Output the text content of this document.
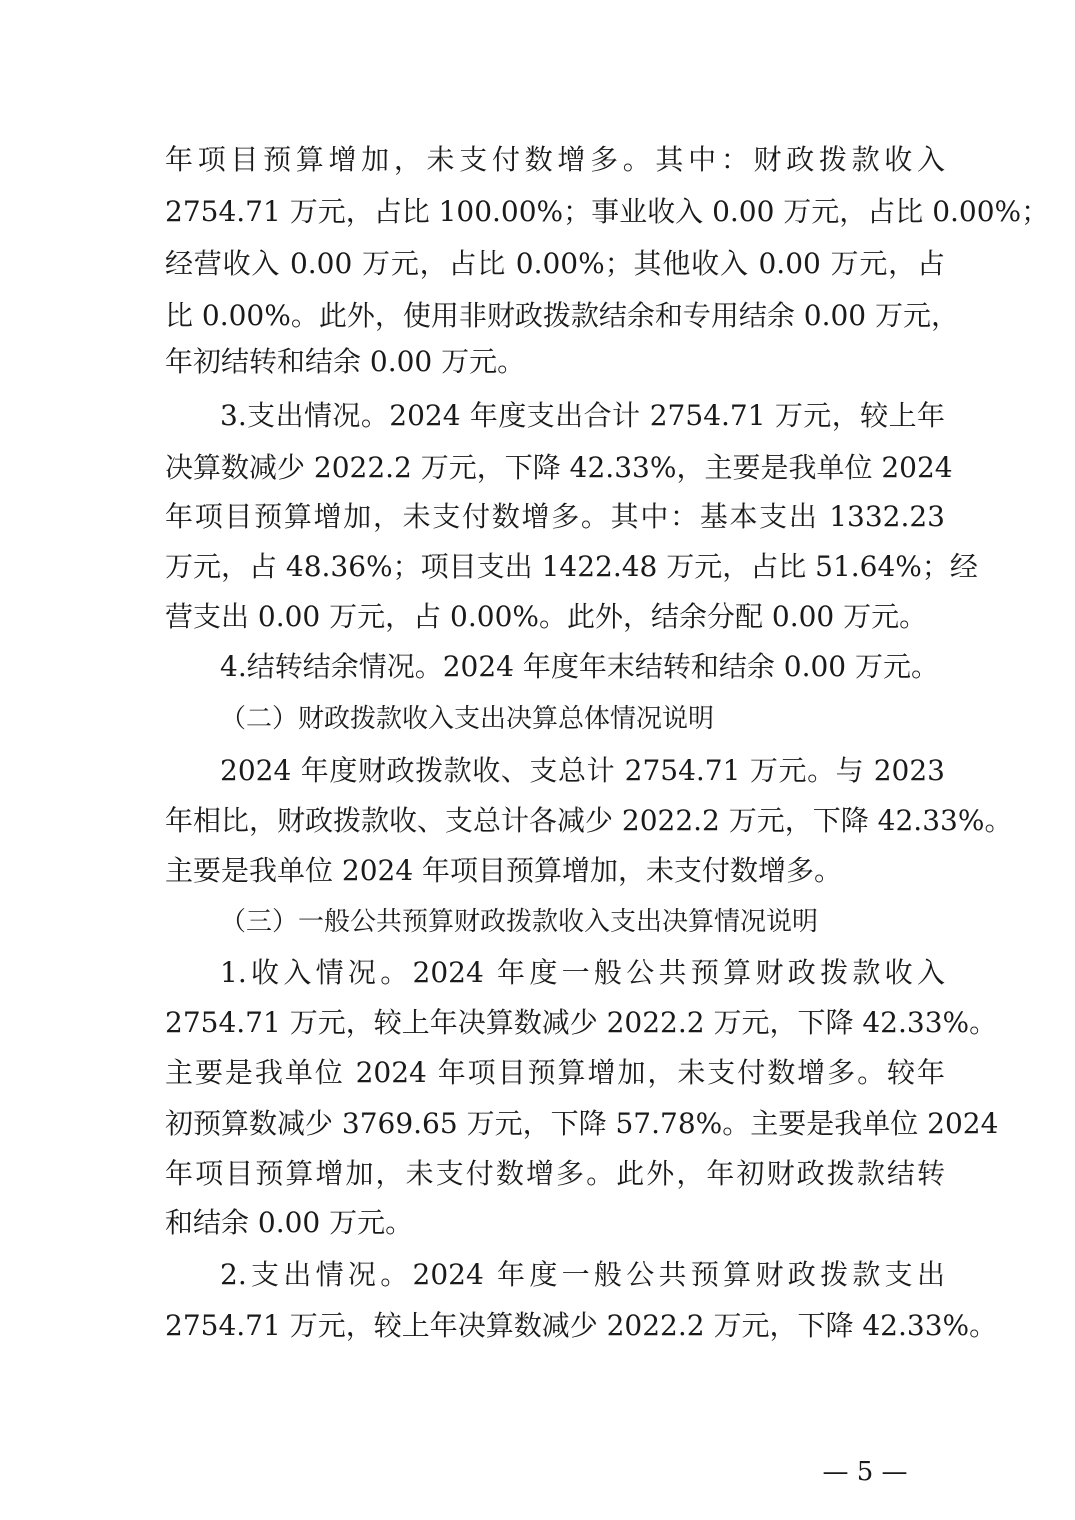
年项目预算增加，未支付数增多。其中：财政拨款收入
2754.71 万元，占比 100.00%；事业收入 0.00 万元，占比 0.00%；
经营收入 0.00 万元，占比 0.00%；其他收入 0.00 万元，占
比 0.00%。此外，使用非财政拨款结余和专用结余 0.00 万元，
年初结转和结余 0.00 万元。
3.支出情况。2024 年度支出合计 2754.71 万元，较上年
决算数减少 2022.2 万元，下降 42.33%，主要是我单位 2024
年项目预算增加，未支付数增多。其中：基本支出 1332.23
万元，占 48.36%；项目支出 1422.48 万元，占比 51.64%；经
营支出 0.00 万元，占 0.00%。此外，结余分配 0.00 万元。
4.结转结余情况。2024 年度年末结转和结余 0.00 万元。
（二）财政拨款收入支出决算总体情况说明
2024 年度财政拨款收、支总计 2754.71 万元。与 2023
年相比，财政拨款收、支总计各减少 2022.2 万元，下降 42.33%。
主要是我单位 2024 年项目预算增加，未支付数增多。
（三）一般公共预算财政拨款收入支出决算情况说明
1.收入情况。2024 年度一般公共预算财政拨款收入
2754.71 万元，较上年决算数减少 2022.2 万元，下降 42.33%。
主要是我单位 2024 年项目预算增加，未支付数增多。较年
初预算数减少 3769.65 万元，下降 57.78%。主要是我单位 2024
年项目预算增加，未支付数增多。此外，年初财政拨款结转
和结余 0.00 万元。
2.支出情况。2024 年度一般公共预算财政拨款支出
2754.71 万元，较上年决算数减少 2022.2 万元，下降 42.33%。
— 5 —
